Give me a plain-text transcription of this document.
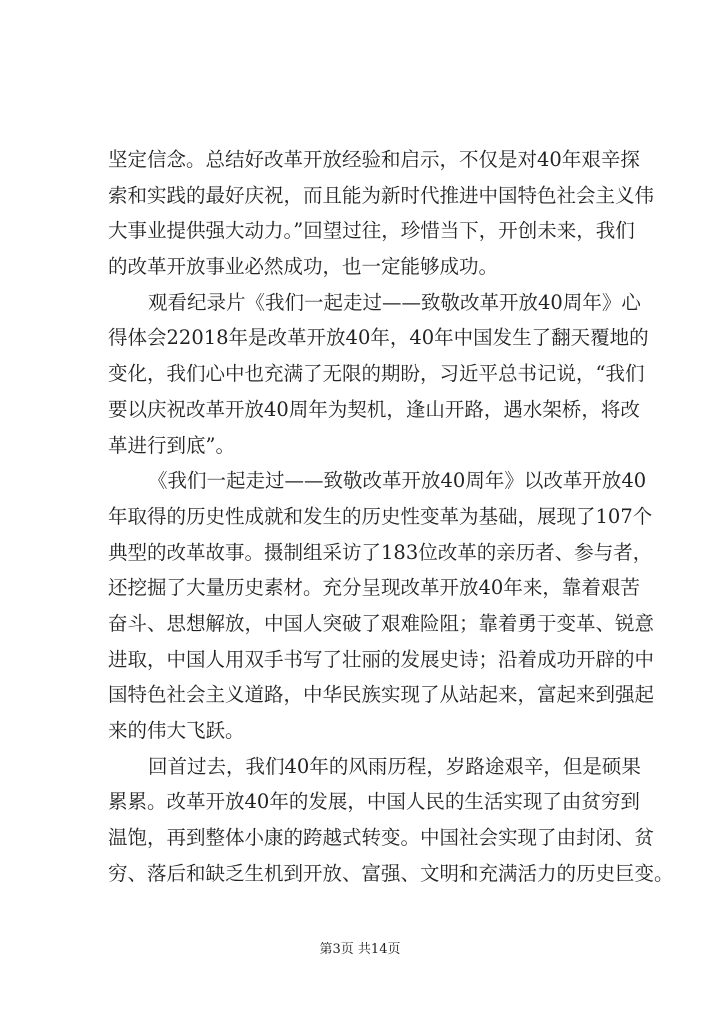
坚定信念。总结好改革开放经验和启示，不仅是对40年艰辛探
索和实践的最好庆祝，而且能为新时代推进中国特色社会主义伟
大事业提供强大动力。”回望过往，珍惜当下，开创未来，我们
的改革开放事业必然成功，也一定能够成功。
观看纪录片《我们一起走过——致敬改革开放40周年》心
得体会22018年是改革开放40年，40年中国发生了翻天覆地的
变化，我们心中也充满了无限的期盼，习近平总书记说，“我们
要以庆祝改革开放40周年为契机，逢山开路，遇水架桥，将改
革进行到底”。
《我们一起走过——致敬改革开放40周年》以改革开放40
年取得的历史性成就和发生的历史性变革为基础，展现了107个
典型的改革故事。摄制组采访了183位改革的亲历者、参与者，
还挖掘了大量历史素材。充分呈现改革开放40年来，靠着艰苦
奋斗、思想解放，中国人突破了艰难险阻；靠着勇于变革、锐意
进取，中国人用双手书写了壮丽的发展史诗；沿着成功开辟的中
国特色社会主义道路，中华民族实现了从站起来，富起来到强起
来的伟大飞跃。
回首过去，我们40年的风雨历程，岁路途艰辛，但是硕果
累累。改革开放40年的发展，中国人民的生活实现了由贫穷到
温饱，再到整体小康的跨越式转变。中国社会实现了由封闭、贫
穷、落后和缺乏生机到开放、富强、文明和充满活力的历史巨变。
第3页 共14页
